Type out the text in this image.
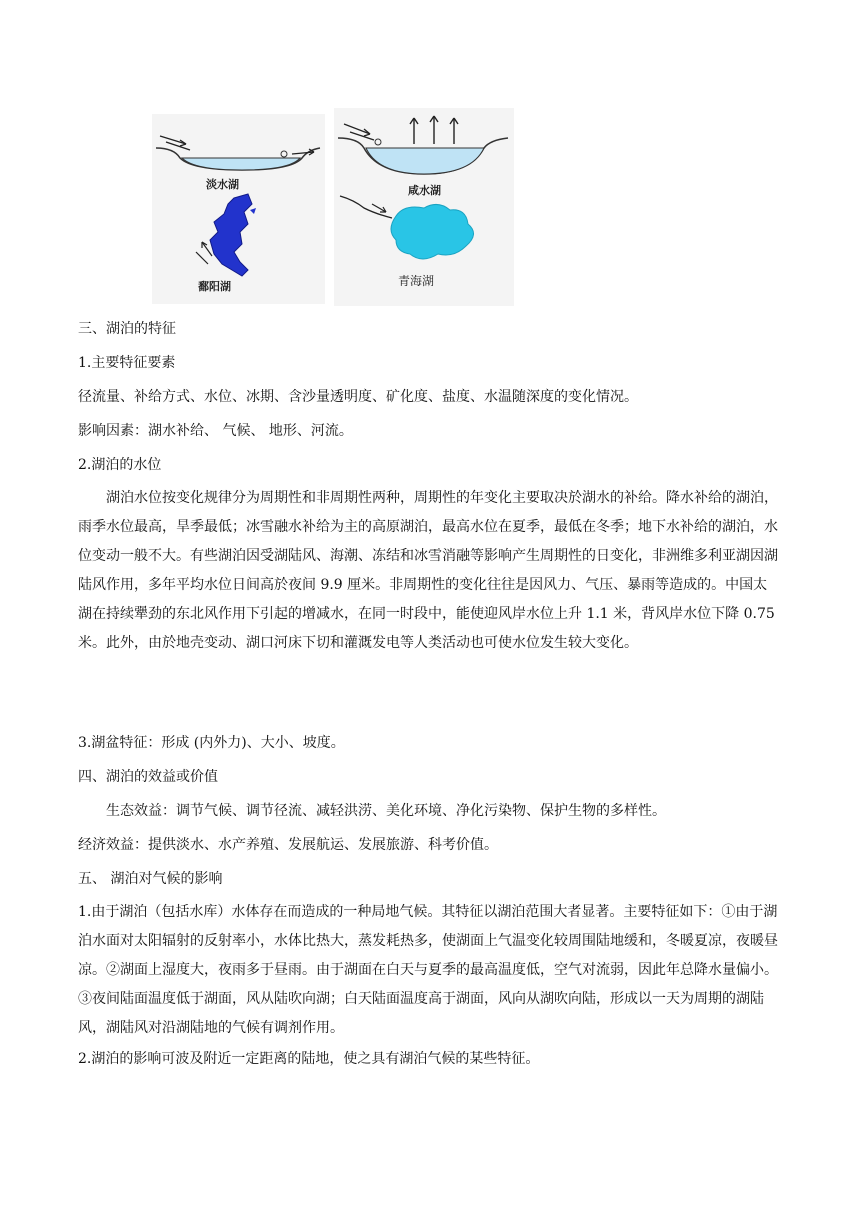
淡水湖
鄱阳湖
咸水湖
青海湖
三、湖泊的特征
1.主要特征要素
径流量、补给方式、水位、冰期、含沙量透明度、矿化度、盐度、水温随深度的变化情况。
影响因素：湖水补给、 气候、 地形、河流。
2.湖泊的水位
湖泊水位按变化规律分为周期性和非周期性两种，周期性的年变化主要取决於湖水的补给。降水补给的湖泊，雨季水位最高，旱季最低；冰雪融水补给为主的高原湖泊，最高水位在夏季，最低在冬季；地下水补给的湖泊，水位变动一般不大。有些湖泊因受湖陆风、海潮、冻结和冰雪消融等影响产生周期性的日变化，非洲维多利亚湖因湖陆风作用，多年平均水位日间高於夜间 9.9 厘米。非周期性的变化往往是因风力、气压、暴雨等造成的。中国太湖在持续犟劲的东北风作用下引起的增减水，在同一时段中，能使迎风岸水位上升 1.1 米，背风岸水位下降 0.75 米。此外，由於地壳变动、湖口河床下切和灌溉发电等人类活动也可使水位发生较大变化。
3.湖盆特征：形成 (内外力)、大小、坡度。
四、湖泊的效益或价值
生态效益：调节气候、调节径流、减轻洪涝、美化环境、净化污染物、保护生物的多样性。
经济效益：提供淡水、水产养殖、发展航运、发展旅游、科考价值。
五、 湖泊对气候的影响
1.由于湖泊（包括水库）水体存在而造成的一种局地气候。其特征以湖泊范围大者显著。主要特征如下：①由于湖泊水面对太阳辐射的反射率小，水体比热大，蒸发耗热多，使湖面上气温变化较周围陆地缓和，冬暖夏凉，夜暖昼凉。②湖面上湿度大，夜雨多于昼雨。由于湖面在白天与夏季的最高温度低，空气对流弱，因此年总降水量偏小。③夜间陆面温度低于湖面，风从陆吹向湖；白天陆面温度高于湖面，风向从湖吹向陆，形成以一天为周期的湖陆风，湖陆风对沿湖陆地的气候有调剂作用。
2.湖泊的影响可波及附近一定距离的陆地，使之具有湖泊气候的某些特征。
